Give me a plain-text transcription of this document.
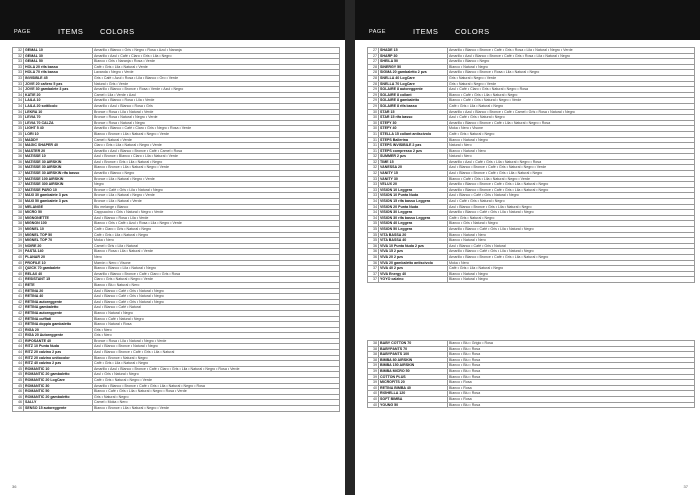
PAGE	ITEMS COLORS
32	GEMAL 10	Amarillo • Blanco • Gris • Negro • Rosa • Azul • Naranja
32	GEMAL 30	Amarillo • Azul • Café • Claro • Gris • Lila • Negro
33	GEMAL 50	Blanco • Gris • Naranja • Rosa • Verde
33	HOLA 20 rifa basso	Café • Gris • Lila • Natural • Verde
33	HOLA 70 rifa basso	Lavanda • Negro • Verde
33	INVISIBLE 45	Gris • Café • Azul • Rosa • Lila • Blanco • Oro • Verde
33	JOVE 20 cañero 5 pzs	Natural • Gris • Verde
34	JOVE 30 gambalete 3 pzs	Amarillo • Blanco • Bronce • Rosa • Verde • Azul • Negro
34	KATIE 20	Camel • Lila • Verde • Azul
34	LAILA 10	Amarillo • Blanco • Rosa • Lila • Verde
34	LAILA 20 sottilcolo	Amarillo • Azul • Blanco • Rosa • Gris
34	LEKRA 10	Bronce • Rosa • Lila • Natural • Verde
35	LEVIA 70	Bronce • Rosa • Natural • Negro • Verde
35	LEVIA 70 CALZA	Bronce • Rosa • Natural • Negro
35	LIGHT 5 40	Amarillo • Blanco • Café • Claro • Gris • Negro • Rosa • Verde
35	LORI 10	Blanco • Bronce • Lila • Natural • Negro • Verde
35	MADDY	Camel • Natural • Verde
36	MAGIC SHAPER 40	Claro • Gris • Lila • Natural • Negro • Verde
36	MASTER 20	Amarillo • Azul • Blanco • Bronce • Café • Camel • Rosa
36	MATISSE 10	Azul • Bronce • Blanco • Claro • Lila • Natural • Verde
36	MATISSE 30 AIRSKIN	Azul • Bronce • Gris • Lila • Natural • Negro
36	MATISSE 30 AIRSKIN	Blanco • Bronce • Lila • Natural • Negro • Verde
37	MATISSE 30 AIRSKIN rifa basso	Amarillo • Blanco • Negro
37	MATISSE 100 AIRSKIN	Bronce • Lila • Natural • Negro • Verde
37	MATISSE 300 AIRSKIN	Negro
37	MATISSE PARO 10	Bronce • Café • Gris • Lila • Natural • Negro
37	MAXI 30 gambalete 3 pzs	Bronce • Lila • Natural • Negro • Verde
38	MAXI 50 gambalete 3 pzs	Bronce • Lila • Natural • Verde
38	MELANGE	Blu melange • Bianco
38	MICRO 50	Cappuccino • Gris • Natural • Negro • Verde
38	MIGNONETTE	Azul • Blanco • Rosa • Lila • Verde
38	MIGNON 100	Blanco • Gris • Café • Azul • Rosa • Lila • Negro • Verde
39	MIGNEL 10	Café • Claro • Gris • Natural • Negro
39	MIGNEL TOP 50	Café • Gris • Lila • Natural • Negro
39	MIGNEL TOP 70	Moka • Nero
39	NOIRE 20	Camel • Gris • Lila • Natural
39	PASTA 140	Blanco • Rosa • Lila • Natural • Verde
40	PLANAR 20	Nero
40	PROFILE 10	Marrón • Nero • Visone
40	QUICK 70 gambalete	Bianco • Blanco • Lila • Natural • Negro
40	RELAX 40	Amarillo • Blanco • Bronce • Café • Claro • Gris • Rosa
41	RESISTANT 15	Claro • Gris • Natural • Negro • Verde
41	RETE	Bianco • Blu • Natural • Nero
41	RETINA 20	Azul • Blanco • Café • Gris • Natural • Negro
41	RETINA 40	Azul • Blanco • Café • Gris • Natural • Negro
42	RETINA autoreggente	Azul • Blanco • Café • Gris • Natural • Negro
42	RETINA gambaletto	Azul • Blanco • Café • Natural
42	RETINA autoreggente	Blanco • Natural • Negro
42	RETINA cuffiati	Blanco • Café • Natural • Negro
43	RETINA doppia gambaletto	Blanco • Natural • Rosa
43	RIGA 20	Gris • Nero
43	RIGA 20 Autoreggente	Gris • Nero
43	RIPOSANTE 40	Bronce • Rosa • Lila • Natural • Negro • Verde
44	RITZ 10 Punta Nuda	Azul • Blanco • Bronce • Natural • Negro
44	RITZ 20 calzino 2 pzs	Azul • Blanco • Bronce • Café • Gris • Lila • Natural
44	RITZ 20 calzino unitocolor	Blanco • Bronce • Natural • Negro
44	RITZ 40 calzino 2 pzs	Café • Gris • Lila • Natural • Negro
45	ROMANTIC 10	Amarillo • Azul • Blanco • Bronce • Café • Claro • Gris • Lila • Natural • Negro • Rosa • Verde
45	ROMANTIC 20 gambaletto	Azul • Gris • Natural • Negro
45	ROMANTIC 20 LogCare	Café • Gris • Natural • Negro • Verde
45	ROMANTIC 30	Amarillo • Blanco • Bronce • Café • Gris • Lila • Natural • Negro • Rosa
46	ROMANTIC 50	Blanco • Café • Gris • Lila • Natural • Negro • Rosa • Verde
46	ROMANTIC 20 gambaletto	Gris • Natural • Negro
46	SALLY	Camel • Moka • Nero
46	SENSO 15 autoreggente	Blanco • Bronce • Lila • Natural • Negro • Verde
36
PAGE	ITEMS COLORS
27	SHADE 15	Amarillo • Blanco • Bronce • Café • Gris • Rosa • Lila • Natural • Negro • Verde
27	SHARP 30	Amarillo • Azul • Blanco • Bronce • Café • Gris • Rosa • Lila • Natural • Negro
27	SHEILA 50	Amarillo • Blanco • Negro
28	SINERGY 50	Blanco • Natural • Negro
28	SIGMA 20 gambaletto 2 pzs	Amarillo • Blanco • Bronce • Rosa • Lila • Natural • Negro
28	SNELLA 40 LogCare	Gris • Natural • Negro • Verde
28	SNELLA 70 LogCare	Gris • Natural • Negro • Verde
29	SOLAIRE 8 autoreggente	Azul • Café • Claro • Gris • Natural • Negro • Rosa
29	SOLAIRE 8 collant	Blanco • Café • Gris • Lila • Natural • Negro
29	SOLAIRE 8 gambaletto	Blanco • Café • Gris • Natural • Negro • Verde
29	SOLAIRE 8 rifa basso	Café • Gris • Lila • Natural • Negro
30	STAR 15	Amarillo • Azul • Blanco • Bronce • Café • Camel • Gris • Rosa • Natural • Negro
30	STAR 15 rifa basso	Azul • Café • Gris • Natural • Negro
30	STEFY 30	Amarillo • Blanco • Bronce • Café • Lila • Natural • Negro • Rosa
30	STEFY 40	Moka • Nero • Visone
31	STELLA 15 collant antiscivolo	Café • Gris • Natural • Negro
31	STEPS Ballerina	Blanco • Natural • Negro
31	STEPS INVISIBILE 2 pzs	Natural • Nero
31	STEPS compresso 2 pzs	Bianco • Natural • Nero
32	SUMMER 2 pzs	Natural • Nero
32	TIME 15	Amarillo • Azul • Café • Gris • Lila • Natural • Negro • Rosa
32	VANESSA 20	Azul • Blanco • Bronce • Café • Gris • Natural • Negro • Verde
32	VANITY 15	Azul • Blanco • Bronce • Café • Gris • Lila • Natural • Negro
33	VANITY 30	Blanco • Café • Gris • Lila • Natural • Negro • Verde
33	VELUX 20	Amarillo • Blanco • Bronce • Café • Gris • Lila • Natural • Negro
33	VISION 10 Leggera	Amarillo • Blanco • Bronce • Café • Gris • Lila • Natural • Negro
33	VISION 10 Punta Nuda	Azul • Blanco • Café • Gris • Natural • Negro
34	VISION 15 rifa basso Leggera	Azul • Café • Gris • Natural • Negro
34	VISION 20 Punta Nuda	Azul • Blanco • Bronce • Gris • Lila • Natural • Negro
34	VISION 30 Leggera	Amarillo • Blanco • Café • Gris • Lila • Natural • Negro
34	VISION 30 rifa basso Leggera	Café • Gris • Natural • Negro
35	VISION 40 Leggera	Blanco • Gris • Natural • Negro
35	VISION 50 Leggera	Amarillo • Blanco • Café • Gris • Lila • Natural • Negro
35	VITA BASSA 20	Bianco • Natural • Nero
35	VITA BASSA 40	Bianco • Natural • Nero
36	VIVA 10 Punta Nuda 2 pzs	Azul • Blanco • Café • Gris • Natural
36	VIVA 15 2 pzs	Amarillo • Blanco • Café • Gris • Lila • Natural • Negro
36	VIVA 20 2 pzs	Amarillo • Blanco • Bronce • Café • Gris • Lila • Natural • Negro
36	VIVA 20 gambaletto antiscivolo	Moka • Nero
37	VIVA 40 2 pzs	Café • Gris • Lila • Natural • Negro
37	VIVA Energy 40	Blanco • Natural • Negro
37	YOYO calzino	Blanco • Natural • Negro
38	BABY COTTON 70	Bianco • Blu • Grigio • Rosa
38	BABYPANTS 70	Bianco • Blu • Rosa
38	BABYPANTS 100	Bianco • Blu • Rosa
38	BIMBA 80 AIRSKIN	Bianco • Blu • Rosa
39	BIMBA 150 AIRSKIN	Bianco • Blu • Rosa
39	BIMBA MICRO 50	Bianco • Blu • Rosa
39	COTTON PLUS	Bianco • Blu • Rosa
39	MICROFITS 20	Bianco • Rosa
40	RETINA BIMBA 40	Bianco • Rosa
40	RIGHELLA 120	Bianco • Blu • Rosa
40	SOFT BIMBA	Bianco • Rosa
40	YOUNG 50	Bianco • Blu • Rosa
37
